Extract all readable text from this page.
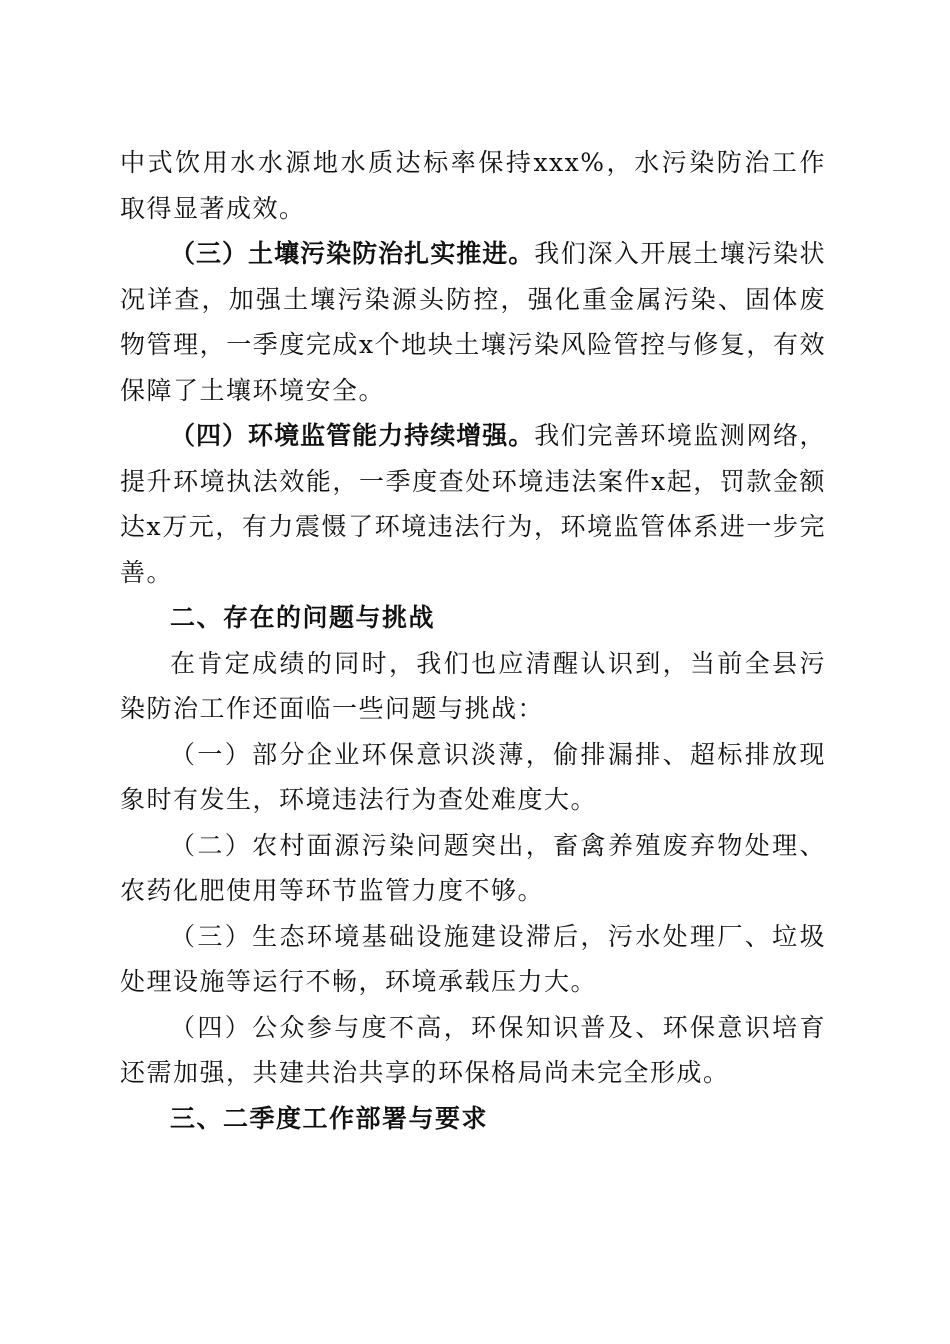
中式饮用水水源地水质达标率保持xxx%，水污染防治工作取得显著成效。

（三）土壤污染防治扎实推进。我们深入开展土壤污染状况详查，加强土壤污染源头防控，强化重金属污染、固体废物管理，一季度完成x个地块土壤污染风险管控与修复，有效保障了土壤环境安全。

（四）环境监管能力持续增强。我们完善环境监测网络，提升环境执法效能，一季度查处环境违法案件x起，罚款金额达x万元，有力震慑了环境违法行为，环境监管体系进一步完善。

二、存在的问题与挑战

在肯定成绩的同时，我们也应清醒认识到，当前全县污染防治工作还面临一些问题与挑战：

（一）部分企业环保意识淡薄，偷排漏排、超标排放现象时有发生，环境违法行为查处难度大。

（二）农村面源污染问题突出，畜禽养殖废弃物处理、农药化肥使用等环节监管力度不够。

（三）生态环境基础设施建设滞后，污水处理厂、垃圾处理设施等运行不畅，环境承载压力大。

（四）公众参与度不高，环保知识普及、环保意识培育还需加强，共建共治共享的环保格局尚未完全形成。

三、二季度工作部署与要求
